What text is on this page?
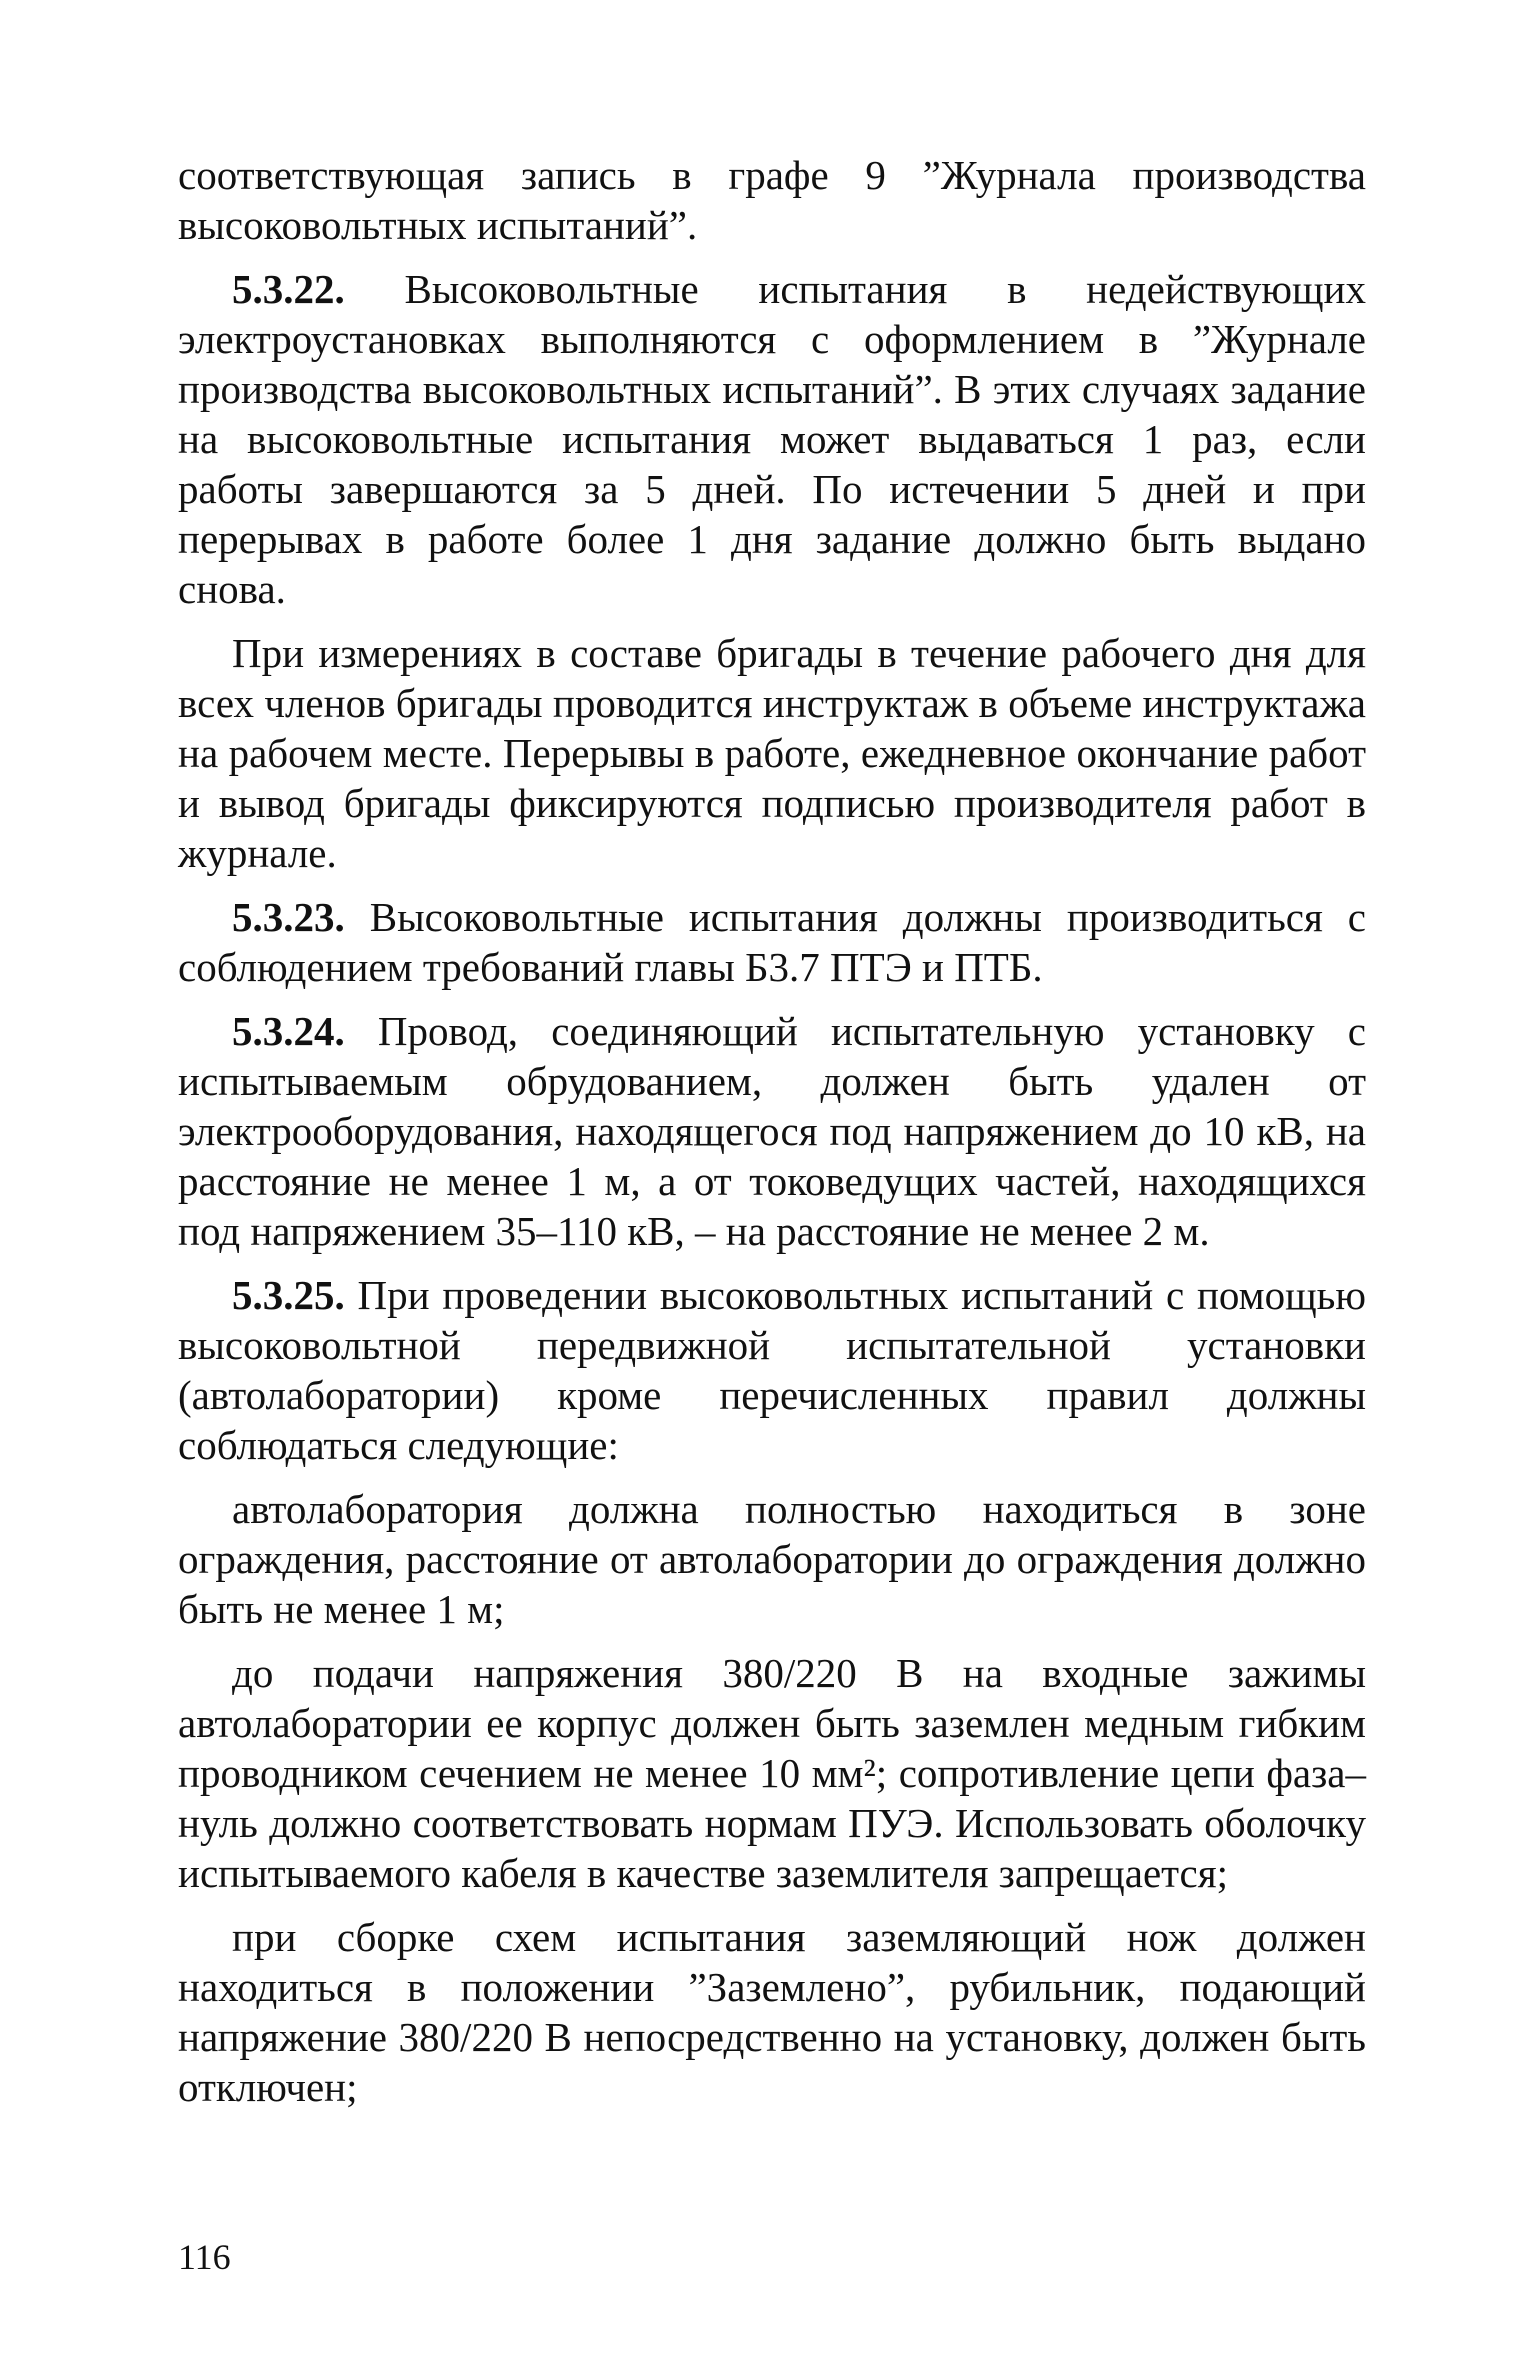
соответствующая запись в графе 9 ”Журнала производства высоковольтных испытаний”.

5.3.22. Высоковольтные испытания в недействующих электроустановках выполняются с оформлением в ”Журнале производства высоковольтных испытаний”. В этих случаях задание на высоковольтные испытания может выдаваться 1 раз, если работы завершаются за 5 дней. По истечении 5 дней и при перерывах в работе более 1 дня задание должно быть выдано снова.

При измерениях в составе бригады в течение рабочего дня для всех членов бригады проводится инструктаж в объеме инструктажа на рабочем месте. Перерывы в работе, ежедневное окончание работ и вывод бригады фиксируются подписью производителя работ в журнале.

5.3.23. Высоковольтные испытания должны производиться с соблюдением требований главы Б3.7 ПТЭ и ПТБ.

5.3.24. Провод, соединяющий испытательную установку с испытываемым обрудованием, должен быть удален от электрооборудования, находящегося под напряжением до 10 кВ, на расстояние не менее 1 м, а от токоведущих частей, находящихся под напряжением 35–110 кВ, – на расстояние не менее 2 м.

5.3.25. При проведении высоковольтных испытаний с помощью высоковольтной передвижной испытательной установки (автолаборатории) кроме перечисленных правил должны соблюдаться следующие:

автолаборатория должна полностью находиться в зоне ограждения, расстояние от автолаборатории до ограждения должно быть не менее 1 м;

до подачи напряжения 380/220 В на входные зажимы автолаборатории ее корпус должен быть заземлен медным гибким проводником сечением не менее 10 мм²; сопротивление цепи фаза–нуль должно соответствовать нормам ПУЭ. Использовать оболочку испытываемого кабеля в качестве заземлителя запрещается;

при сборке схем испытания заземляющий нож должен находиться в положении ”Заземлено”, рубильник, подающий напряжение 380/220 В непосредственно на установку, должен быть отключен;

116
